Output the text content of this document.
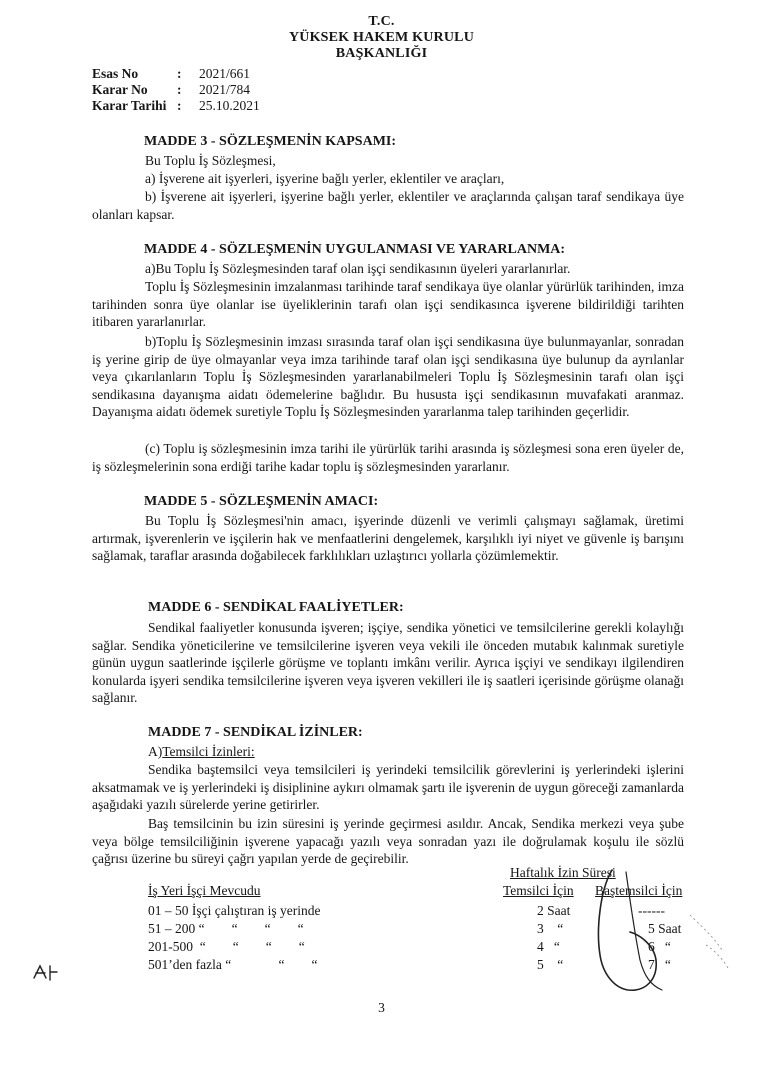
T.C.
YÜKSEK HAKEM KURULU
BAŞKANLIĞI
Esas No	:	2021/661
Karar No	:	2021/784
Karar Tarihi :	25.10.2021
MADDE 3 - SÖZLEŞMENİN KAPSAMI:
Bu Toplu İş Sözleşmesi,
a) İşverene ait işyerleri, işyerine bağlı yerler, eklentiler ve araçları,
b) İşverene ait işyerleri, işyerine bağlı yerler, eklentiler ve araçlarında çalışan taraf sendikaya üye olanları kapsar.
MADDE 4 - SÖZLEŞMENİN UYGULANMASI VE YARARLANMA:
a)Bu Toplu İş Sözleşmesinden taraf olan işçi sendikasının üyeleri yararlanırlar.
Toplu İş Sözleşmesinin imzalanması tarihinde taraf sendikaya üye olanlar yürürlük tarihinden, imza tarihinden sonra üye olanlar ise üyeliklerinin tarafı olan işçi sendikasınca işverene bildirildiği tarihten itibaren yararlanırlar.
b)Toplu İş Sözleşmesinin imzası sırasında taraf olan işçi sendikasına üye bulunmayanlar, sonradan iş yerine girip de üye olmayanlar veya imza tarihinde taraf olan işçi sendikasına üye bulunup da ayrılanlar veya çıkarılanların Toplu İş Sözleşmesinden yararlanabilmeleri Toplu İş Sözleşmesinin tarafı olan işçi sendikasına dayanışma aidatı ödemelerine bağlıdır. Bu hususta işçi sendikasının muvafakati aranmaz. Dayanışma aidatı ödemek suretiyle Toplu İş Sözleşmesinden yararlanma talep tarihinden geçerlidir.
(c) Toplu iş sözleşmesinin imza tarihi ile yürürlük tarihi arasında iş sözleşmesi sona eren üyeler de, iş sözleşmelerinin sona erdiği tarihe kadar toplu iş sözleşmesinden yararlanır.
MADDE 5 - SÖZLEŞMENİN AMACI:
Bu Toplu İş Sözleşmesi'nin amacı, işyerinde düzenli ve verimli çalışmayı sağlamak, üretimi artırmak, işverenlerin ve işçilerin hak ve menfaatlerini dengelemek, karşılıklı iyi niyet ve güvenle iş barışını sağlamak, taraflar arasında doğabilecek farklılıkları uzlaştırıcı yollarla çözümlemektir.
MADDE 6 - SENDİKAL FAALİYETLER:
Sendikal faaliyetler konusunda işveren; işçiye, sendika yönetici ve temsilcilerine gerekli kolaylığı sağlar. Sendika yöneticilerine ve temsilcilerine işveren veya vekili ile önceden mutabık kalınmak suretiyle günün uygun saatlerinde işçilerle görüşme ve toplantı imkânı verilir. Ayrıca işçiyi ve sendikayı ilgilendiren konularda işyeri sendika temsilcilerine işveren veya işveren vekilleri ile iş saatleri içerisinde görüşme olanağı sağlanır.
MADDE 7 - SENDİKAL İZİNLER:
A)Temsilci İzinleri:
Sendika baştemsilci veya temsilcileri iş yerindeki temsilcilik görevlerini iş yerlerindeki işlerini aksatmamak ve iş yerlerindeki iş disiplinine aykırı olmamak şartı ile işverenin de uygun göreceği zamanlarda aşağıdaki yazılı sürelerde yerine getirirler.
Baş temsilcinin bu izin süresini iş yerinde geçirmesi asıldır. Ancak, Sendika merkezi veya şube veya bölge temsilciliğinin işverene yapacağı yazılı veya sonradan yazı ile doğrulamak koşulu ile sözlü çağrısı üzerine bu süreyi çağrı yapılan yerde de geçirebilir.
Haftalık İzin Süresi
İş Yeri İşçi Mevcudu	Temsilci İçin Baştemsilci İçin
01 – 50 İşçi çalıştıran iş yerinde	2 Saat	------
51 – 200 “        “        “        “	3    “	5 Saat
201-500  “        “        “        “	4   “	6   “
501’den fazla “              “        “	5    “	7   “
3
